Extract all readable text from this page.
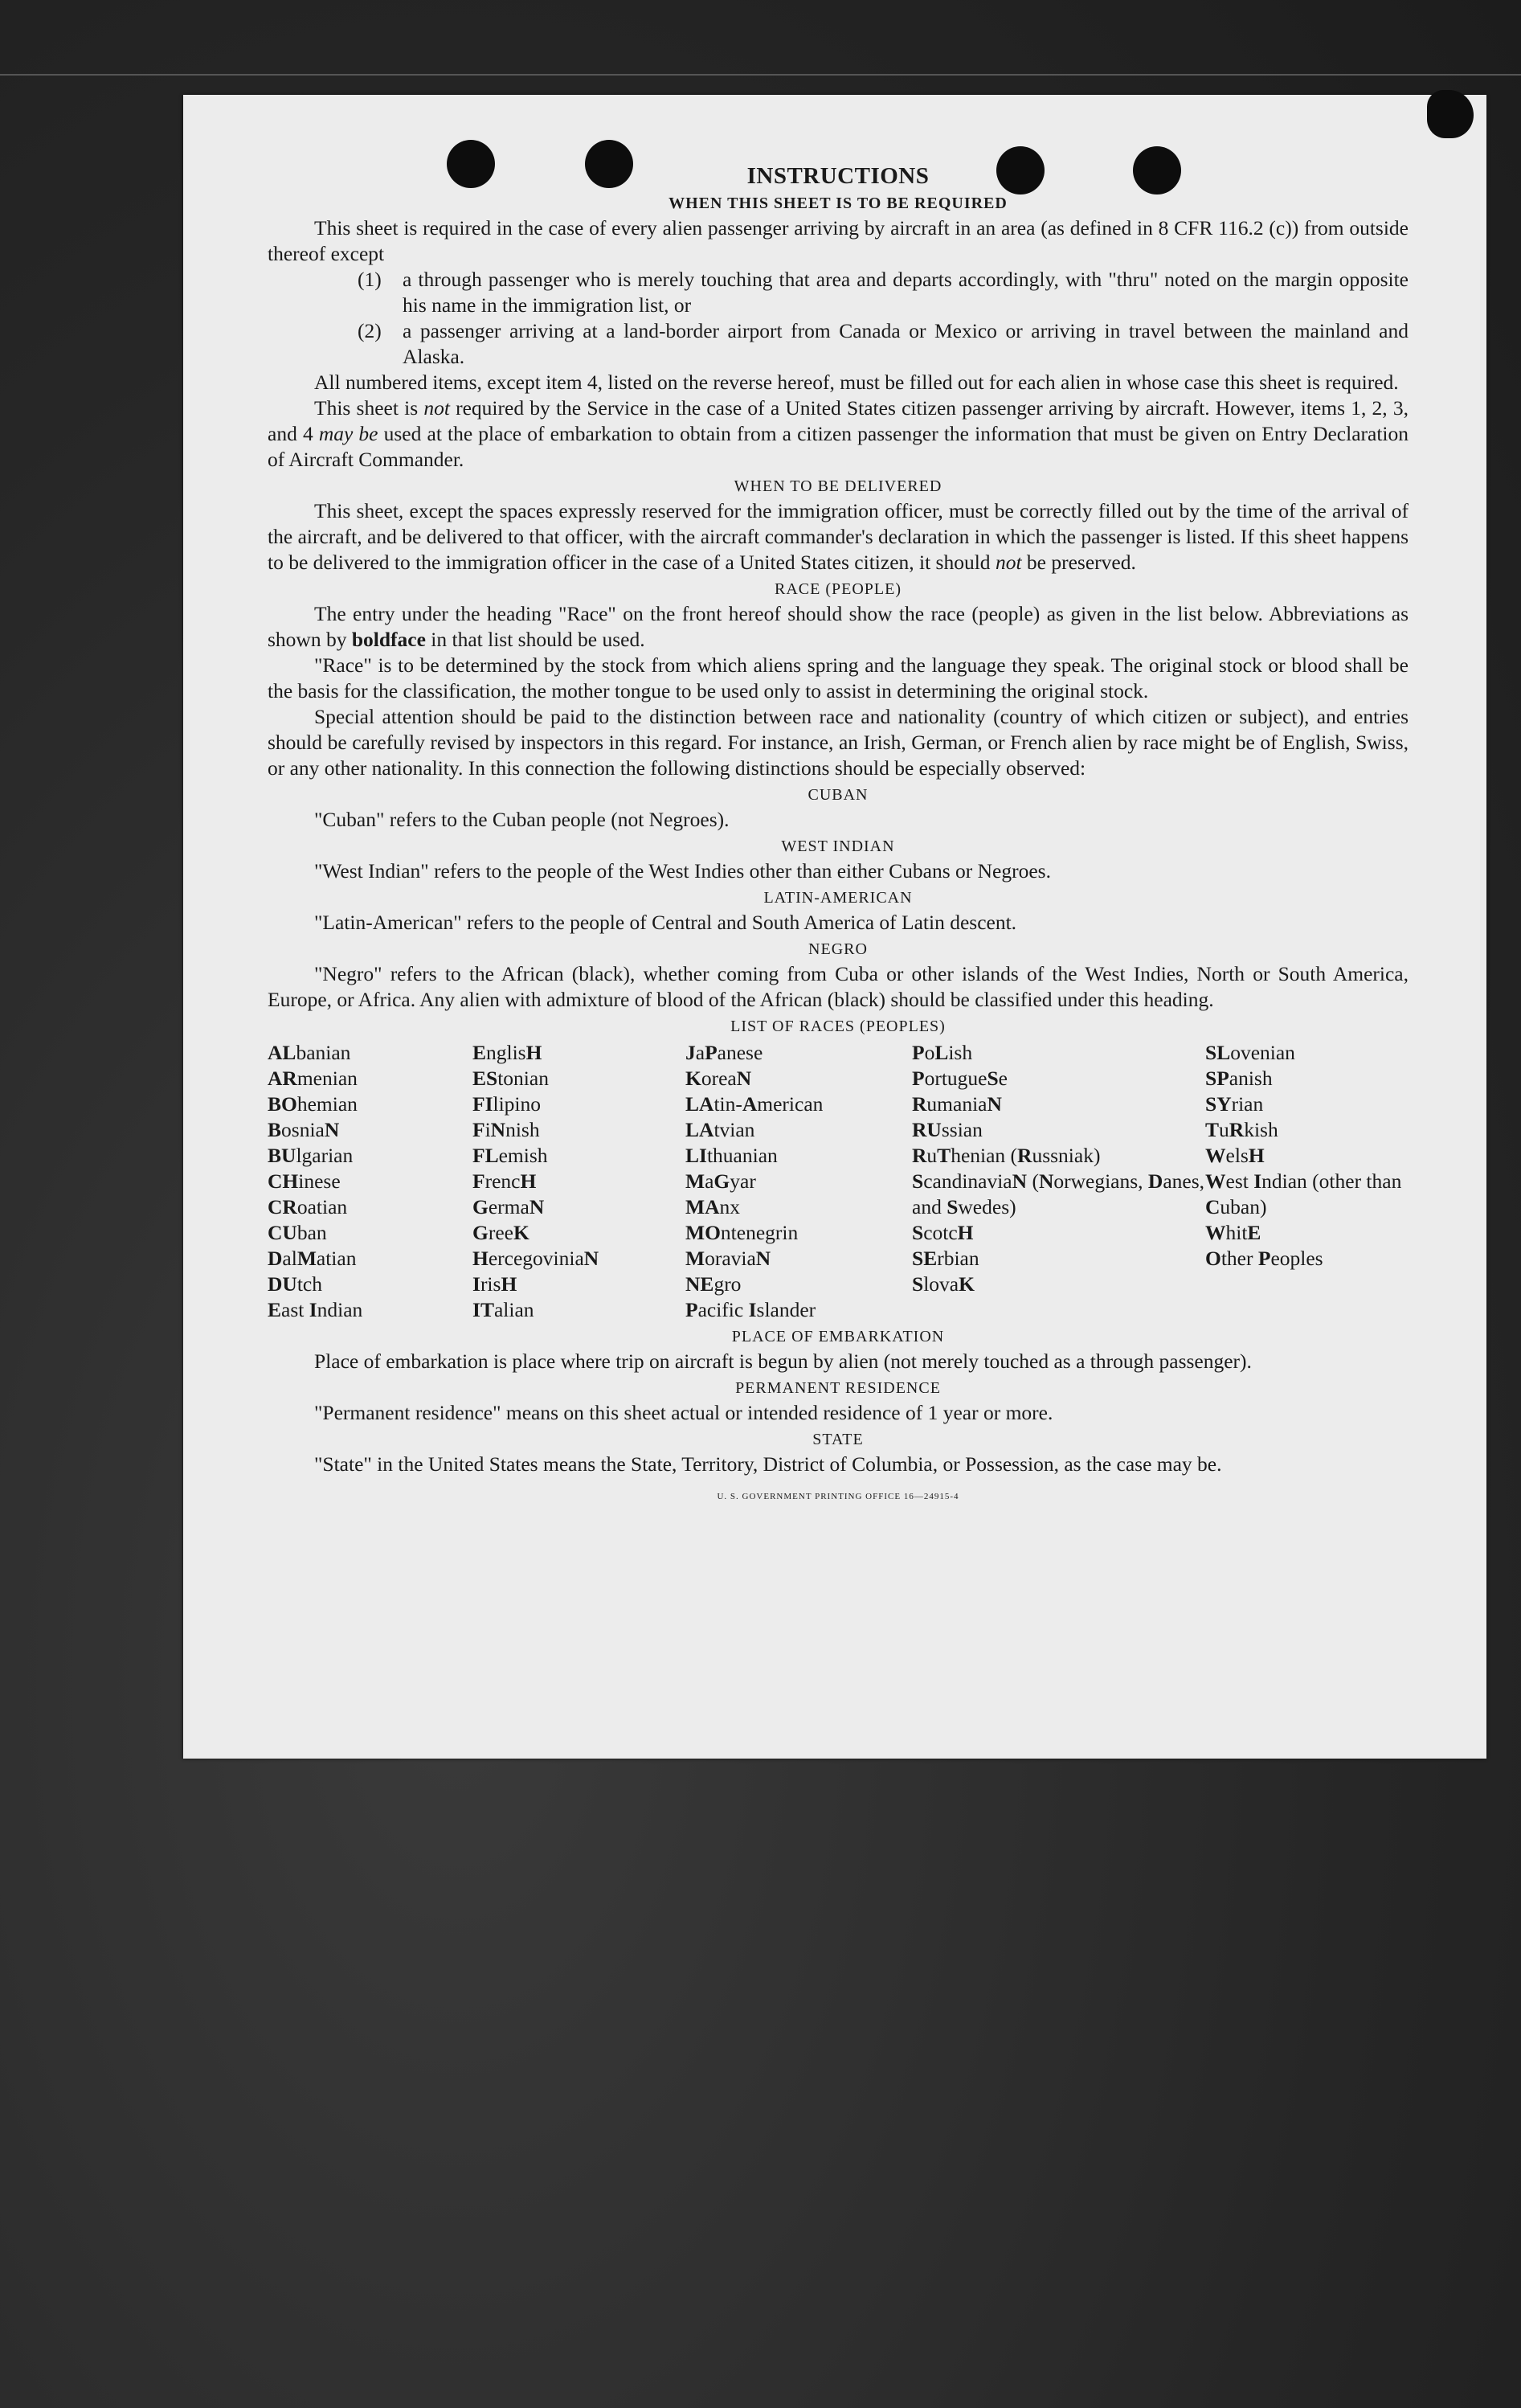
INSTRUCTIONS
WHEN THIS SHEET IS TO BE REQUIRED

This sheet is required in the case of every alien passenger arriving by aircraft in an area (as defined in 8 CFR 116.2 (c)) from outside thereof except

(1)	a through passenger who is merely touching that area and departs accordingly, with "thru" noted on the margin opposite his name in the immigration list, or
(2)	a passenger arriving at a land-border airport from Canada or Mexico or arriving in travel between the mainland and Alaska.

All numbered items, except item 4, listed on the reverse hereof, must be filled out for each alien in whose case this sheet is required.

This sheet is not required by the Service in the case of a United States citizen passenger arriving by aircraft. However, items 1, 2, 3, and 4 may be used at the place of embarkation to obtain from a citizen passenger the information that must be given on Entry Declaration of Aircraft Commander.

WHEN TO BE DELIVERED

This sheet, except the spaces expressly reserved for the immigration officer, must be correctly filled out by the time of the arrival of the aircraft, and be delivered to that officer, with the aircraft commander's declaration in which the passenger is listed. If this sheet happens to be delivered to the immigration officer in the case of a United States citizen, it should not be preserved.

RACE (PEOPLE)

The entry under the heading "Race" on the front hereof should show the race (people) as given in the list below. Abbreviations as shown by boldface in that list should be used.

"Race" is to be determined by the stock from which aliens spring and the language they speak. The original stock or blood shall be the basis for the classification, the mother tongue to be used only to assist in determining the original stock.

Special attention should be paid to the distinction between race and nationality (country of which citizen or subject), and entries should be carefully revised by inspectors in this regard. For instance, an Irish, German, or French alien by race might be of English, Swiss, or any other nationality. In this connection the following distinctions should be especially observed:

CUBAN

"Cuban" refers to the Cuban people (not Negroes).

WEST INDIAN

"West Indian" refers to the people of the West Indies other than either Cubans or Negroes.

LATIN-AMERICAN

"Latin-American" refers to the people of Central and South America of Latin descent.

NEGRO

"Negro" refers to the African (black), whether coming from Cuba or other islands of the West Indies, North or South America, Europe, or Africa. Any alien with admixture of blood of the African (black) should be classified under this heading.

LIST OF RACES (PEOPLES)
ALbanian
ARmenian
BOhemian
BosniaN
BUlgarian
CHinese
CRoatian
CUban
DalMatian
DUtch
East Indian
EnglisH
EStonian
FIlipino
FiNnish
FLemish
FrencH
GermaN
GreeK
HercegoviniaN
IrisH
ITalian
JaPanese
KoreaN
LAtin-American
LAtvian
LIthuanian
MaGyar
MAnx
MOntenegrin
MoraviaN
NEgro
Pacific Islander
PoLish
PortugueSe
RumaniaN
RUssian
RuThenian (Russniak)
ScandinaviaN (Norwegians, Danes, and Swedes)
ScotcH
SErbian
SlovaK
SLovenian
SPanish
SYrian
TuRkish
WelsH
West Indian (other than Cuban)
WhitE
Other Peoples
PLACE OF EMBARKATION

Place of embarkation is place where trip on aircraft is begun by alien (not merely touched as a through passenger).

PERMANENT RESIDENCE

"Permanent residence" means on this sheet actual or intended residence of 1 year or more.

STATE

"State" in the United States means the State, Territory, District of Columbia, or Possession, as the case may be.

U. S. GOVERNMENT PRINTING OFFICE 16—24915-4
